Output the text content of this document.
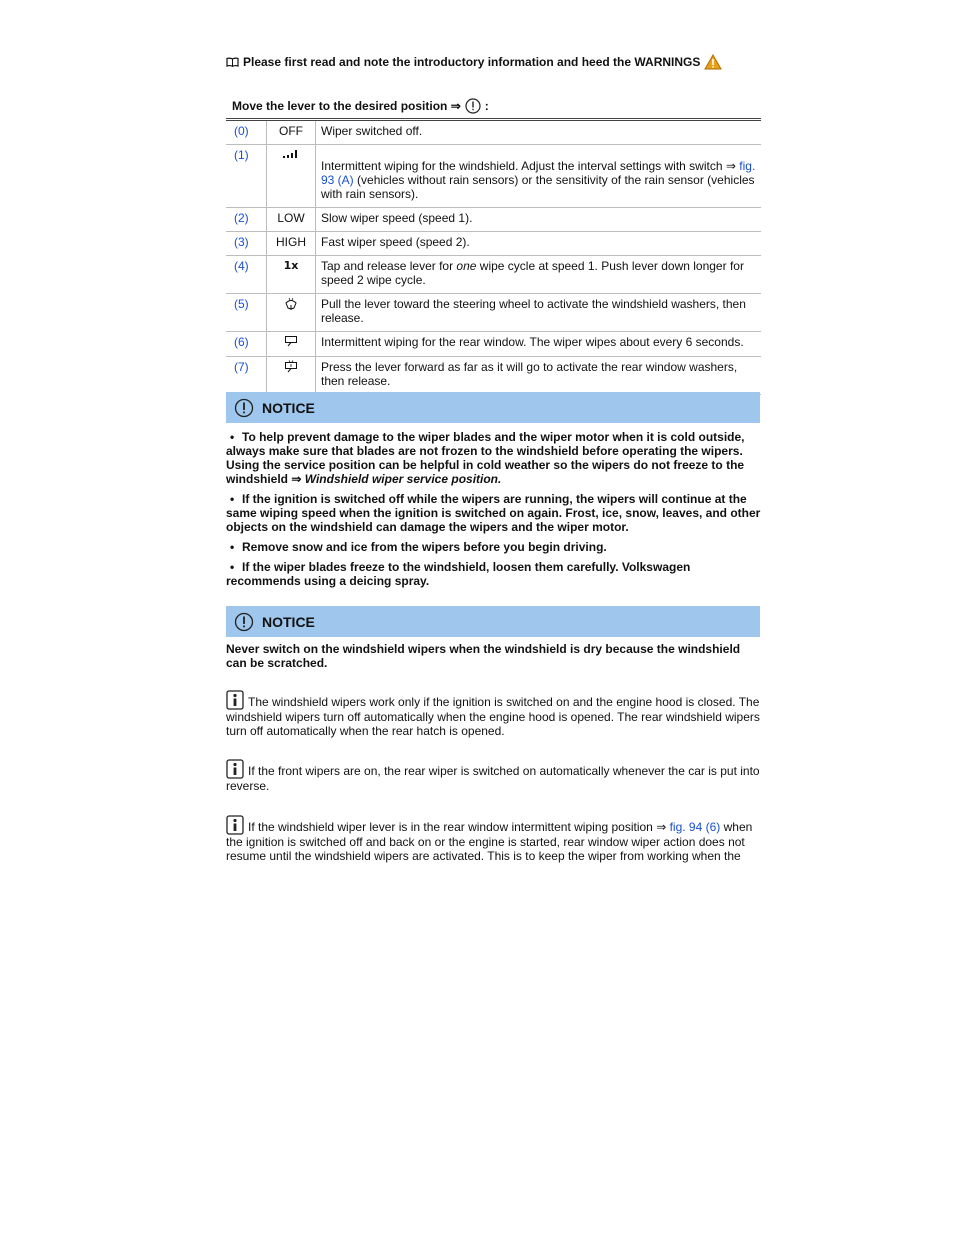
Please first read and note the introductory information and heed the WARNINGS
Move the lever to the desired position ⇒ :
(0)	OFF	Wiper switched off.
(1)		Intermittent wiping for the windshield. Adjust the interval settings with switch ⇒ fig. 93 (A) (vehicles without rain sensors) or the sensitivity of the rain sensor (vehicles with rain sensors).
(2)	LOW	Slow wiper speed (speed 1).
(3)	HIGH	Fast wiper speed (speed 2).
(4)	1x	Tap and release lever for one wipe cycle at speed 1. Push lever down longer for speed 2 wipe cycle.
(5)		Pull the lever toward the steering wheel to activate the windshield washers, then release.
(6)		Intermittent wiping for the rear window. The wiper wipes about every 6 seconds.
(7)		Press the lever forward as far as it will go to activate the rear window washers, then release.
NOTICE
• To help prevent damage to the wiper blades and the wiper motor when it is cold outside, always make sure that blades are not frozen to the windshield before operating the wipers. Using the service position can be helpful in cold weather so the wipers do not freeze to the windshield ⇒ Windshield wiper service position.
• If the ignition is switched off while the wipers are running, the wipers will continue at the same wiping speed when the ignition is switched on again. Frost, ice, snow, leaves, and other objects on the windshield can damage the wipers and the wiper motor.
• Remove snow and ice from the wipers before you begin driving.
• If the wiper blades freeze to the windshield, loosen them carefully. Volkswagen recommends using a deicing spray.
NOTICE
Never switch on the windshield wipers when the windshield is dry because the windshield can be scratched.
The windshield wipers work only if the ignition is switched on and the engine hood is closed. The windshield wipers turn off automatically when the engine hood is opened. The rear windshield wipers turn off automatically when the rear hatch is opened.
If the front wipers are on, the rear wiper is switched on automatically whenever the car is put into reverse.
If the windshield wiper lever is in the rear window intermittent wiping position ⇒ fig. 94 (6) when the ignition is switched off and back on or the engine is started, rear window wiper action does not resume until the windshield wipers are activated. This is to keep the wiper from working when the
